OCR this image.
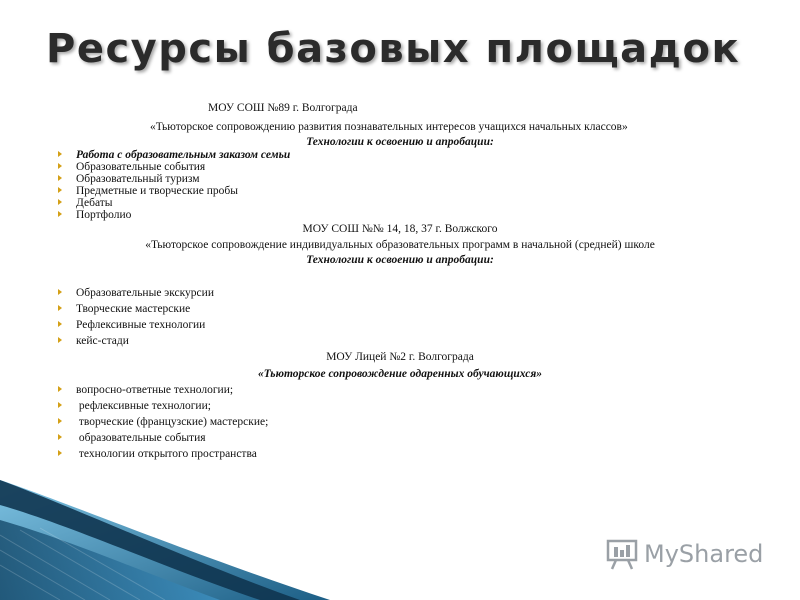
Ресурсы базовых площадок
МОУ СОШ №89 г. Волгограда
«Тьюторское сопровождению развития познавательных интересов учащихся начальных классов»
Технологии к освоению и апробации:
Работа с образовательным заказом семьи
Образовательные события
Образовательный туризм
Предметные и творческие пробы
Дебаты
Портфолио
МОУ СОШ №№ 14, 18, 37 г. Волжского
«Тьюторское сопровождение индивидуальных образовательных программ в начальной (средней) школе
Технологии к освоению и апробации:
Образовательные экскурсии
Творческие мастерские
Рефлексивные технологии
кейс-стади
МОУ Лицей №2 г. Волгограда
«Тьюторское сопровождение одаренных обучающихся»
вопросно-ответные технологии;
рефлексивные технологии;
творческие (французские) мастерские;
образовательные события
технологии открытого пространства
MyShared
